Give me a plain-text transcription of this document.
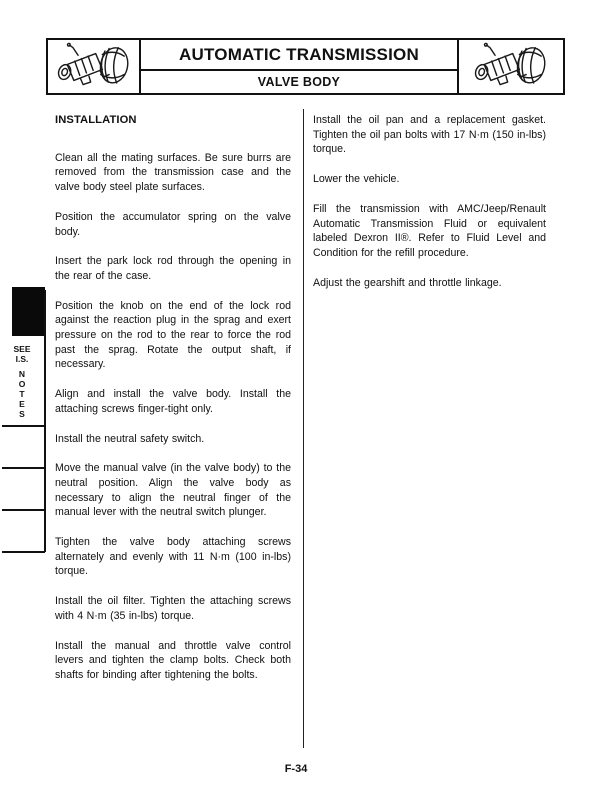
AUTOMATIC TRANSMISSION
VALVE BODY
SEE
I.S.
N
O
T
E
S
INSTALLATION

Clean all the mating surfaces. Be sure burrs are removed from the transmission case and the valve body steel plate surfaces.

Position the accumulator spring on the valve body.

Insert the park lock rod through the opening in the rear of the case.

Position the knob on the end of the lock rod against the reaction plug in the sprag and exert pressure on the rod to the rear to force the rod past the sprag. Rotate the output shaft, if necessary.

Align and install the valve body. Install the attaching screws finger-tight only.

Install the neutral safety switch.

Move the manual valve (in the valve body) to the neutral position. Align the valve body as necessary to align the neutral finger of the manual lever with the neutral switch plunger.

Tighten the valve body attaching screws alternately and evenly with 11 N·m (100 in-lbs) torque.

Install the oil filter. Tighten the attaching screws with 4 N·m (35 in-lbs) torque.

Install the manual and throttle valve control levers and tighten the clamp bolts. Check both shafts for binding after tightening the bolts.

Install the oil pan and a replacement gasket. Tighten the oil pan bolts with 17 N·m (150 in-lbs) torque.

Lower the vehicle.

Fill the transmission with AMC/Jeep/Renault Automatic Transmission Fluid or equivalent labeled Dexron II®. Refer to Fluid Level and Condition for the refill procedure.

Adjust the gearshift and throttle linkage.

F-34
